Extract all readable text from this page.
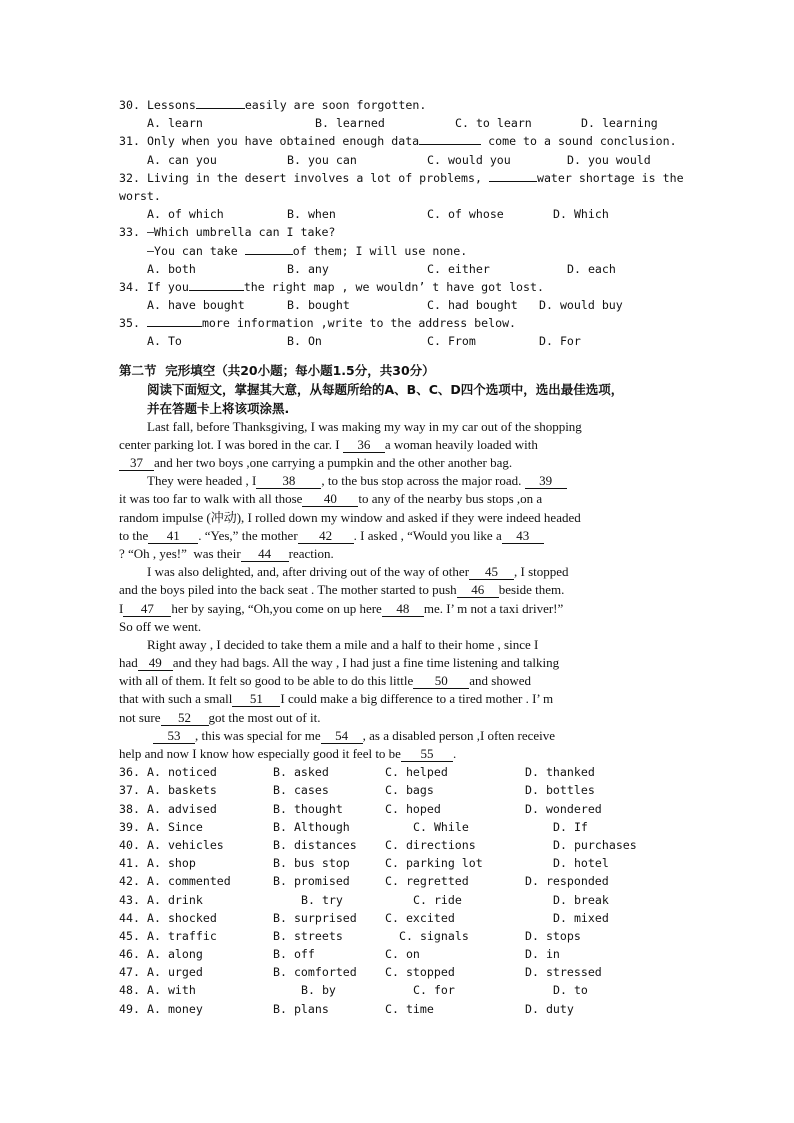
30. Lessons	easily are soon forgotten.
A. learn	B. learned	C. to learn	D. learning
31. Only when you have obtained enough data	come to a sound conclusion.
A. can you	B. you can	C. would you	D. you would
32. Living in the desert involves a lot of problems,	water shortage is the
worst.
A. of which	B. when	C. of whose	D. Which
33. —Which umbrella can I take?
—You can take	of them; I will use none.
A. both	B. any	C. either	D. each
34. If you	the right map , we wouldn’ t have got lost.
A. have bought	B. bought	C. had bought D. would buy
35.	more information ,write to the address below.
A. To	B. On	C. From	D. For
第二节  完形填空（共20小题；每小题1.5分，共30分）
阅读下面短文，掌握其大意，从每题所给的A、B、C、D四个选项中，选出最佳选项，
并在答题卡上将该项涂黑.
Last fall, before Thanksgiving, I was making my way in my car out of the shopping
center parking lot. I was bored in the car. I 36 a woman heavily loaded with
37 and her two boys ,one carrying a pumpkin and the other another bag.
They were headed , I 38 , to the bus stop across the major road. 39
it was too far to walk with all those 40 to any of the nearby bus stops ,on a
random impulse (冲动), I rolled down my window and asked if they were indeed headed
to the 41 . “Yes,” the mother 42 . I asked , “Would you like a 43
? “Oh , yes!”  was their 44 reaction.
I was also delighted, and, after driving out of the way of other 45 , I stopped
and the boys piled into the back seat . The mother started to push 46 beside them.
I 47 her by saying, “Oh,you come on up here 48 me. I’ m not a taxi driver!”
So off we went.
Right away , I decided to take them a mile and a half to their home , since I
had 49 and they had bags. All the way , I had just a fine time listening and talking
with all of them. It felt so good to be able to do this little 50 and showed
that with such a small 51 I could make a big difference to a tired mother . I’ m
not sure 52 got the most out of it.
53 , this was special for me 54 , as a disabled person ,I often receive
help and now I know how especially good it feel to be 55 .
36. A. noticed	B. asked	C. helped	D. thanked
37. A. baskets	B. cases	C. bags	D. bottles
38. A. advised	B. thought	C. hoped	D. wondered
39. A. Since	B. Although	C. While	D. If
40. A. vehicles	B. distances C. directions	D. purchases
41. A. shop	B. bus stop	C. parking lot	D. hotel
42. A. commented	B. promised	C. regretted	D. responded
43. A. drink	B. try	C. ride	D. break
44. A. shocked	B. surprised C. excited	D. mixed
45. A. traffic	B. streets	C. signals	D. stops
46. A. along	B. off	C. on	D. in
47. A. urged	B. comforted C. stopped	D. stressed
48. A. with	B. by	C. for	D. to
49. A. money	B. plans	C. time	D. duty
